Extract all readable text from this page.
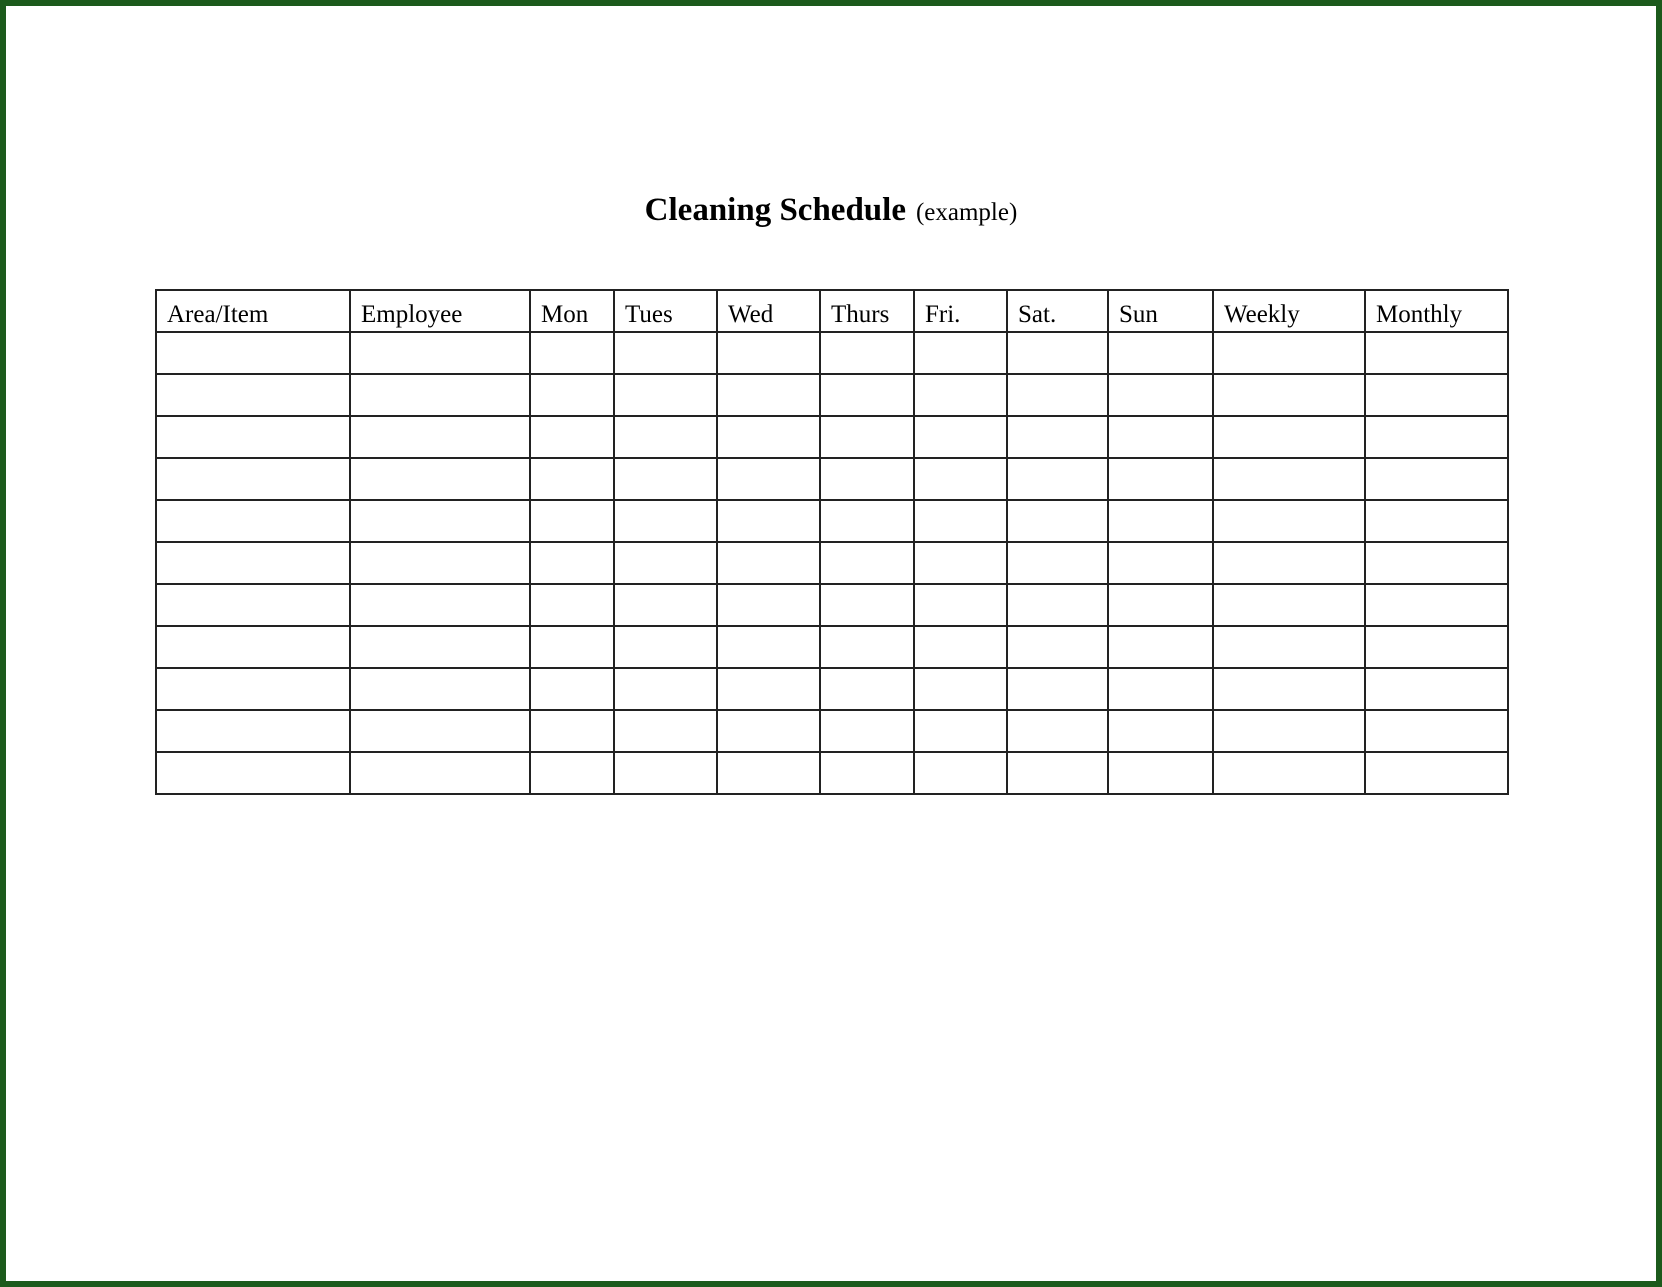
Cleaning Schedule (example)
Area/Item	Employee	Mon	Tues	Wed	Thurs	Fri.	Sat.	Sun	Weekly	Monthly
